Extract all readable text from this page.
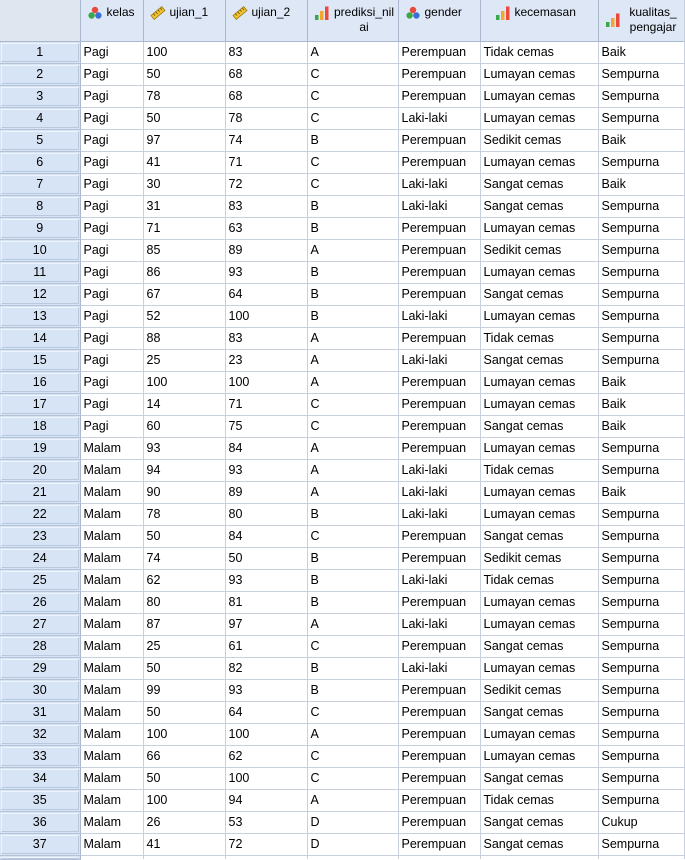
	kelas	ujian_1	ujian_2	prediksi_nil ai	gender	kecemasan	kualitas_ pengajar

1	Pagi	100	83	A	Perempuan	Tidak cemas	Baik
2	Pagi	50	68	C	Perempuan	Lumayan cemas	Sempurna
3	Pagi	78	68	C	Perempuan	Lumayan cemas	Sempurna
4	Pagi	50	78	C	Laki-laki	Lumayan cemas	Sempurna
5	Pagi	97	74	B	Perempuan	Sedikit cemas	Baik
6	Pagi	41	71	C	Perempuan	Lumayan cemas	Sempurna
7	Pagi	30	72	C	Laki-laki	Sangat cemas	Baik
8	Pagi	31	83	B	Laki-laki	Sangat cemas	Sempurna
9	Pagi	71	63	B	Perempuan	Lumayan cemas	Sempurna
10	Pagi	85	89	A	Perempuan	Sedikit cemas	Sempurna
11	Pagi	86	93	B	Perempuan	Lumayan cemas	Sempurna
12	Pagi	67	64	B	Perempuan	Sangat cemas	Sempurna
13	Pagi	52	100	B	Laki-laki	Lumayan cemas	Sempurna
14	Pagi	88	83	A	Perempuan	Tidak cemas	Sempurna
15	Pagi	25	23	A	Laki-laki	Sangat cemas	Sempurna
16	Pagi	100	100	A	Perempuan	Lumayan cemas	Baik
17	Pagi	14	71	C	Perempuan	Lumayan cemas	Baik
18	Pagi	60	75	C	Perempuan	Sangat cemas	Baik
19	Malam	93	84	A	Perempuan	Lumayan cemas	Sempurna
20	Malam	94	93	A	Laki-laki	Tidak cemas	Sempurna
21	Malam	90	89	A	Laki-laki	Lumayan cemas	Baik
22	Malam	78	80	B	Laki-laki	Lumayan cemas	Sempurna
23	Malam	50	84	C	Perempuan	Sangat cemas	Sempurna
24	Malam	74	50	B	Perempuan	Sedikit cemas	Sempurna
25	Malam	62	93	B	Laki-laki	Tidak cemas	Sempurna
26	Malam	80	81	B	Perempuan	Lumayan cemas	Sempurna
27	Malam	87	97	A	Laki-laki	Lumayan cemas	Sempurna
28	Malam	25	61	C	Perempuan	Sangat cemas	Sempurna
29	Malam	50	82	B	Laki-laki	Lumayan cemas	Sempurna
30	Malam	99	93	B	Perempuan	Sedikit cemas	Sempurna
31	Malam	50	64	C	Perempuan	Sangat cemas	Sempurna
32	Malam	100	100	A	Perempuan	Lumayan cemas	Sempurna
33	Malam	66	62	C	Perempuan	Lumayan cemas	Sempurna
34	Malam	50	100	C	Perempuan	Sangat cemas	Sempurna
35	Malam	100	94	A	Perempuan	Tidak cemas	Sempurna
36	Malam	26	53	D	Perempuan	Sangat cemas	Cukup
37	Malam	41	72	D	Perempuan	Sangat cemas	Sempurna
